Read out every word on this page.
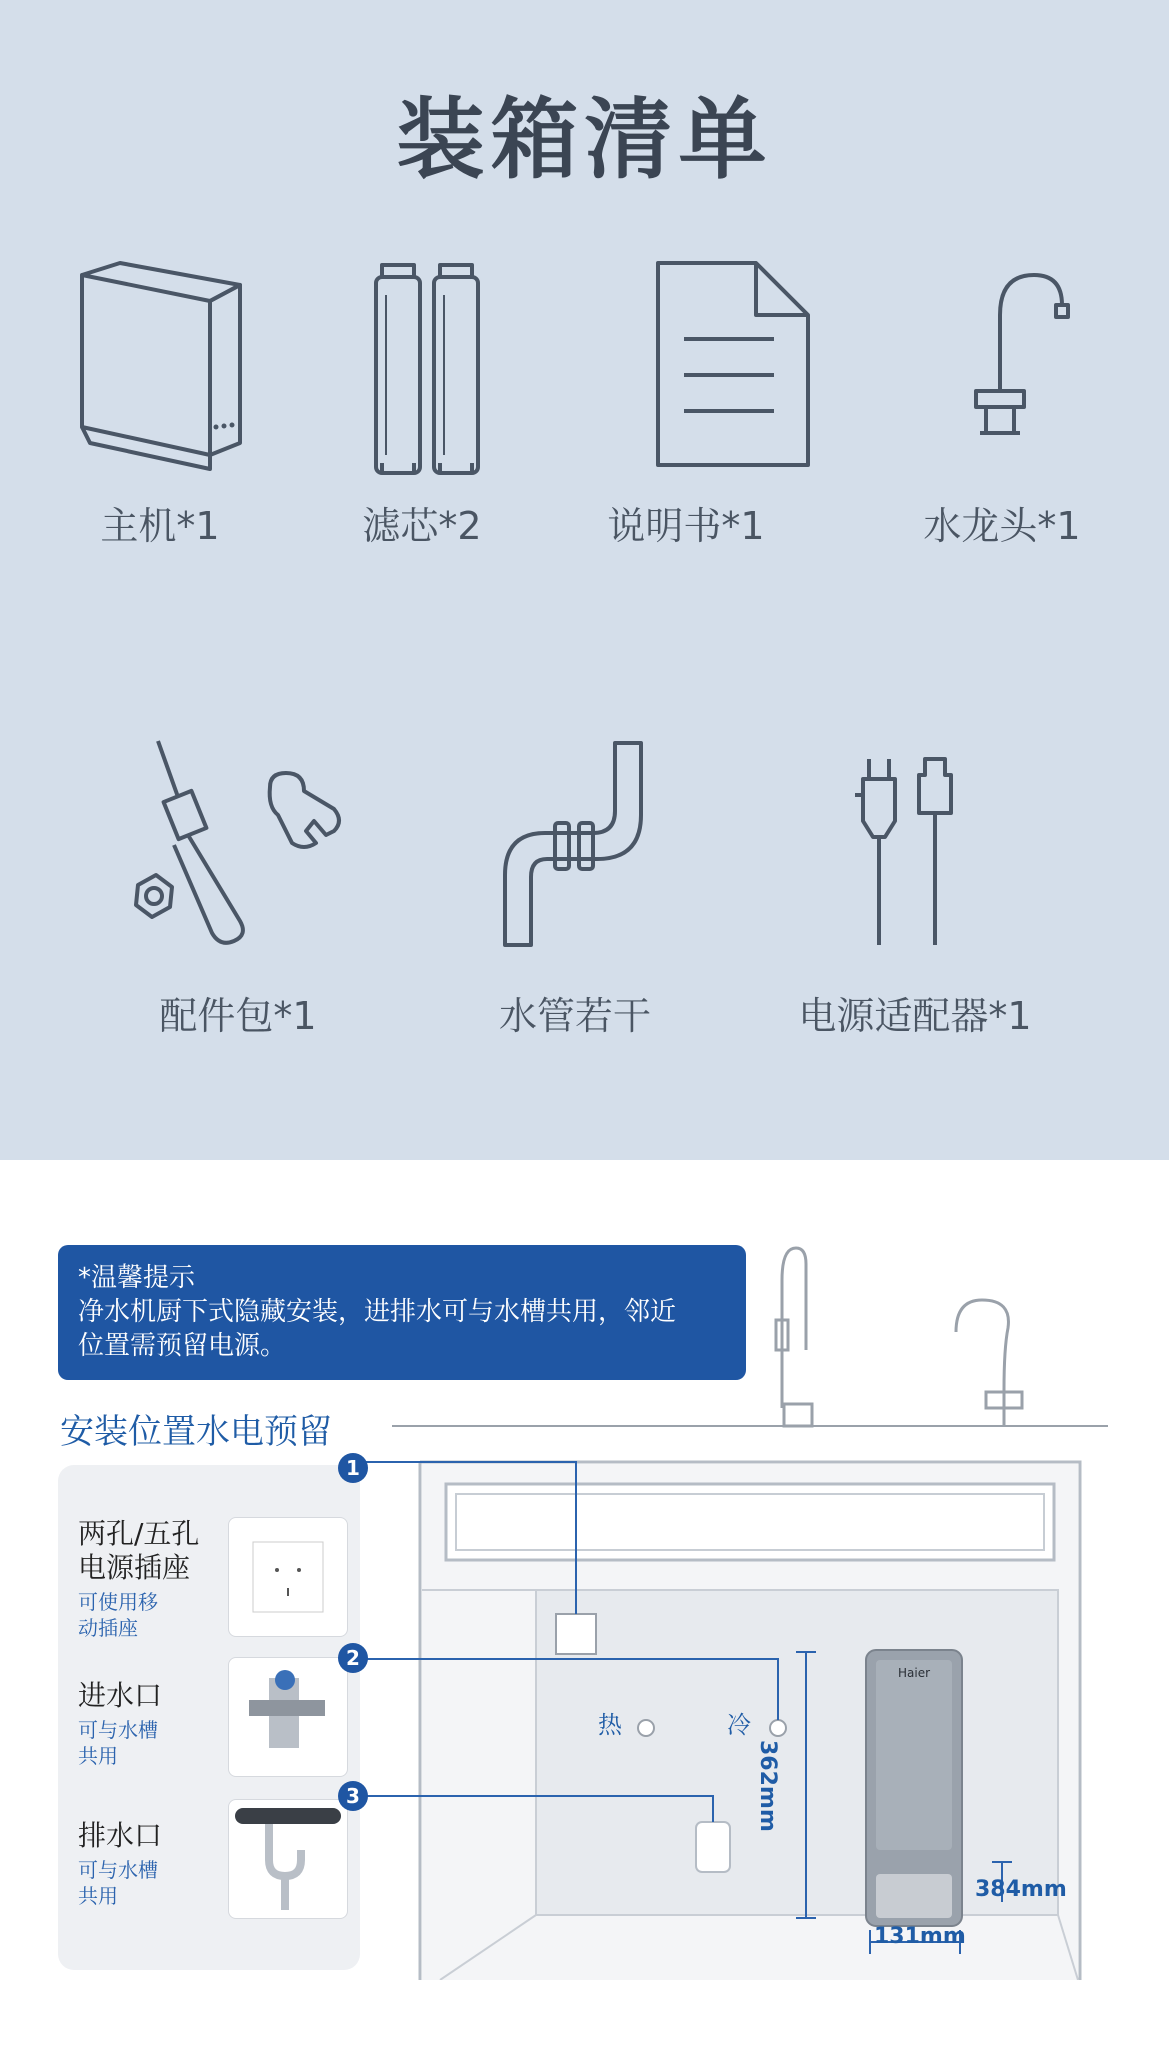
装箱清单
主机*1	滤芯*2	说明书*1	水龙头*1
配件包*1	水管若干	电源适配器*1
*温馨提示
净水机厨下式隐藏安装，进排水可与水槽共用，邻近
位置需预留电源。
安装位置水电预留
362mm
384mm
131mm
热	冷
Haier
两孔/五孔
电源插座
可使用移
动插座
1
进水口
可与水槽
共用
2
排水口
可与水槽
共用
3
